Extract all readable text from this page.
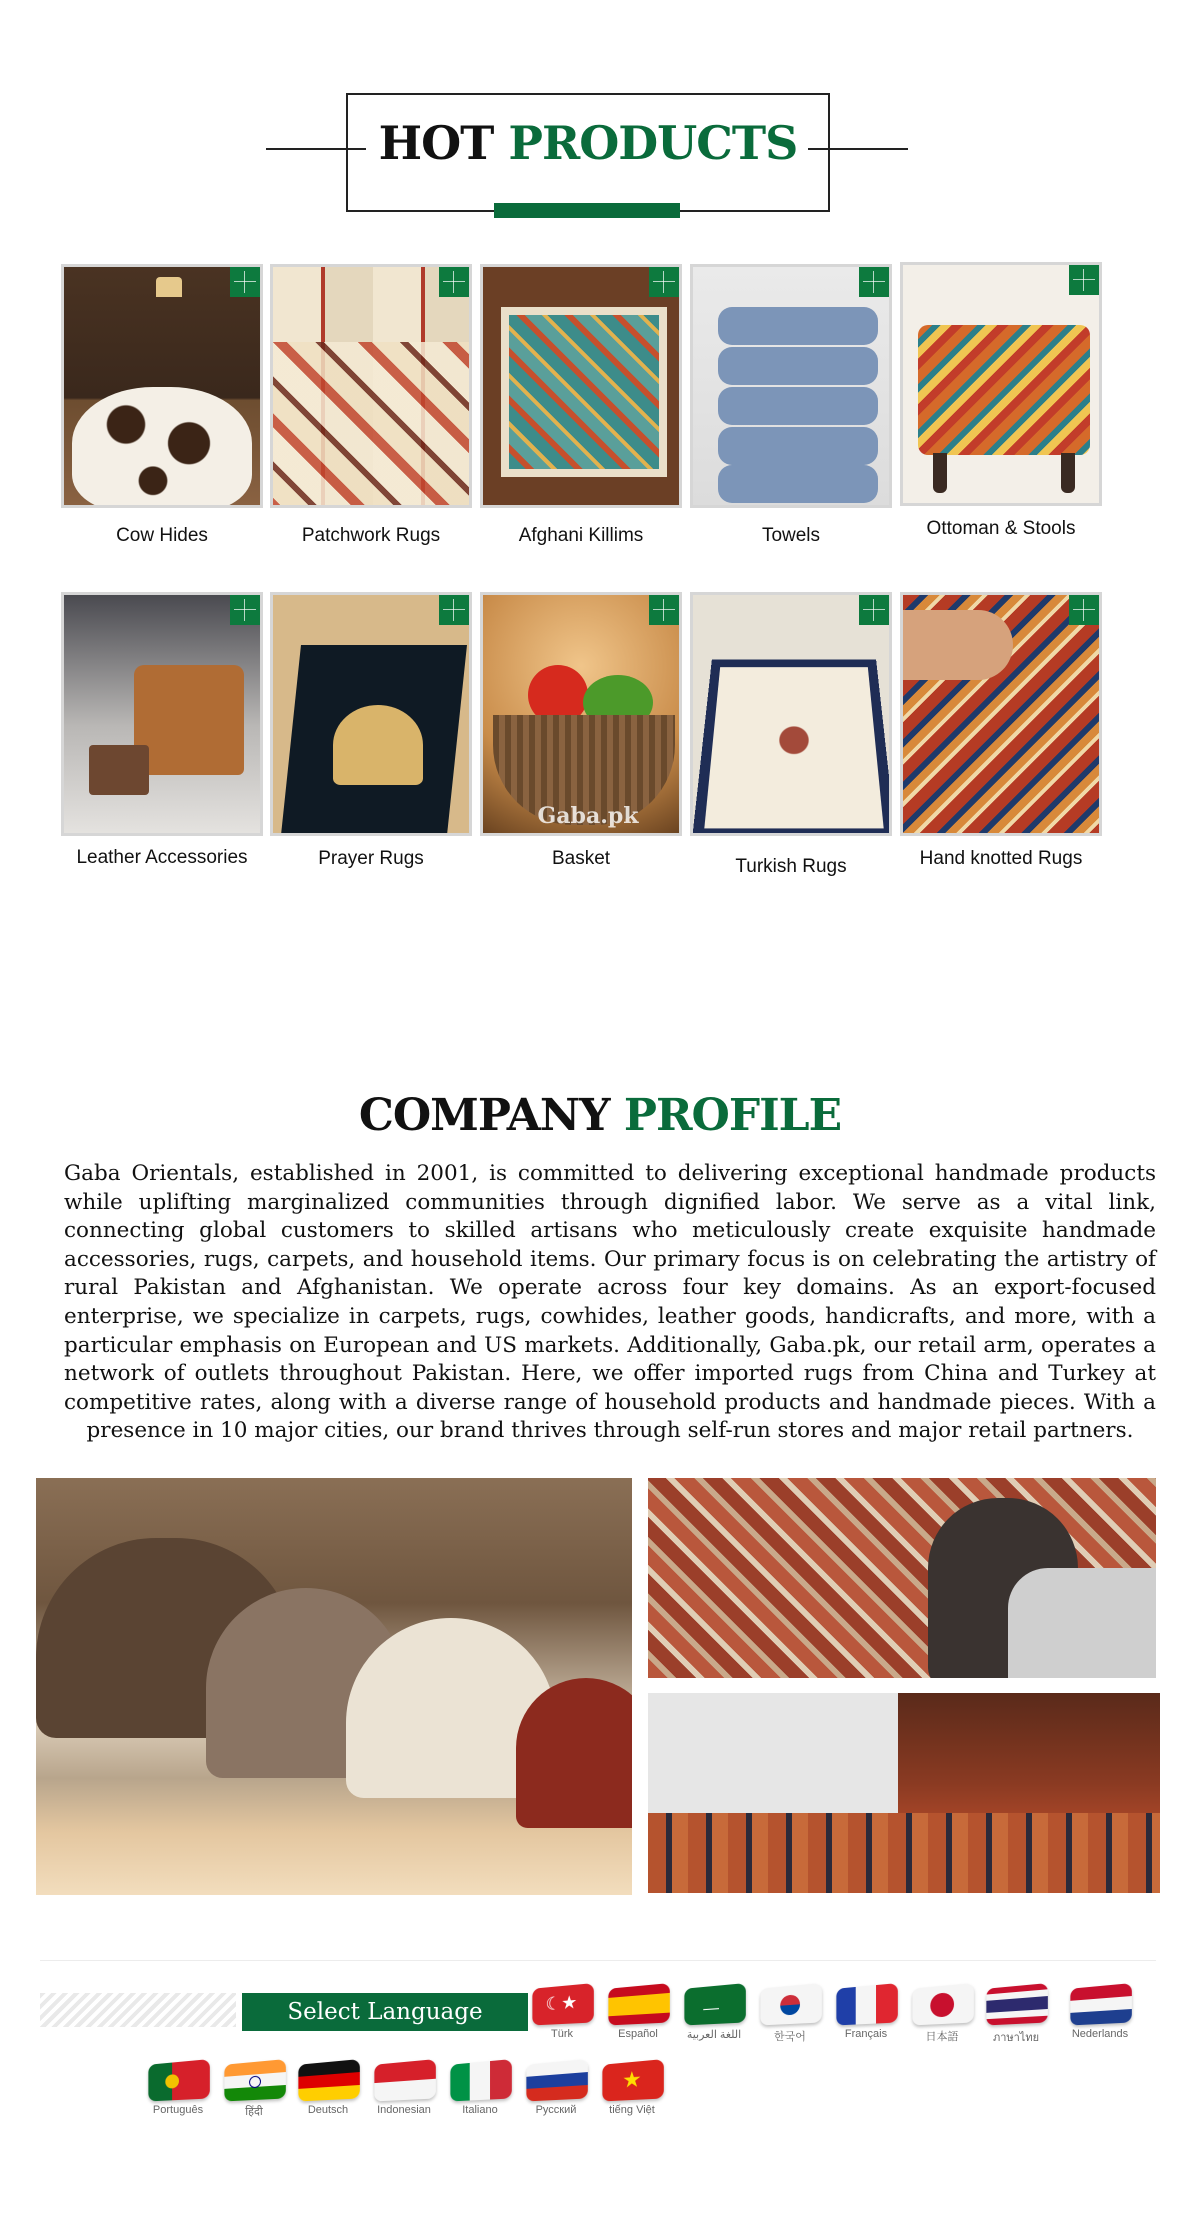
HOT PRODUCTS
Cow Hides	Patchwork Rugs	Afghani Killims	Towels	Ottoman & Stools
Leather Accessories	Prayer Rugs
Gaba.pk
Basket	Turkish Rugs	Hand knotted Rugs
COMPANY PROFILE

Gaba Orientals, established in 2001, is committed to delivering exceptional handmade products while uplifting marginalized communities through dignified labor. We serve as a vital link, connecting global customers to skilled artisans who meticulously create exquisite handmade accessories, rugs, carpets, and household items. Our primary focus is on celebrating the artistry of rural Pakistan and Afghanistan. We operate across four key domains. As an export-focused enterprise, we specialize in carpets, rugs, cowhides, leather goods, handicrafts, and more, with a particular emphasis on European and US markets. Additionally, Gaba.pk, our retail arm, operates a network of outlets throughout Pakistan. Here, we offer imported rugs from China and Turkey at competitive rates, along with a diverse range of household products and handmade pieces. With a presence in 10 major cities, our brand thrives through self-run stores and major retail partners.

Select Language
☾★
Türk	Español
—	اللغة العربية	한국어	Français	日本語	ภาษาไทย	Nederlands
Português	हिंदी	Deutsch	Indonesian	Italiano	Русский
★	tiếng Việt
